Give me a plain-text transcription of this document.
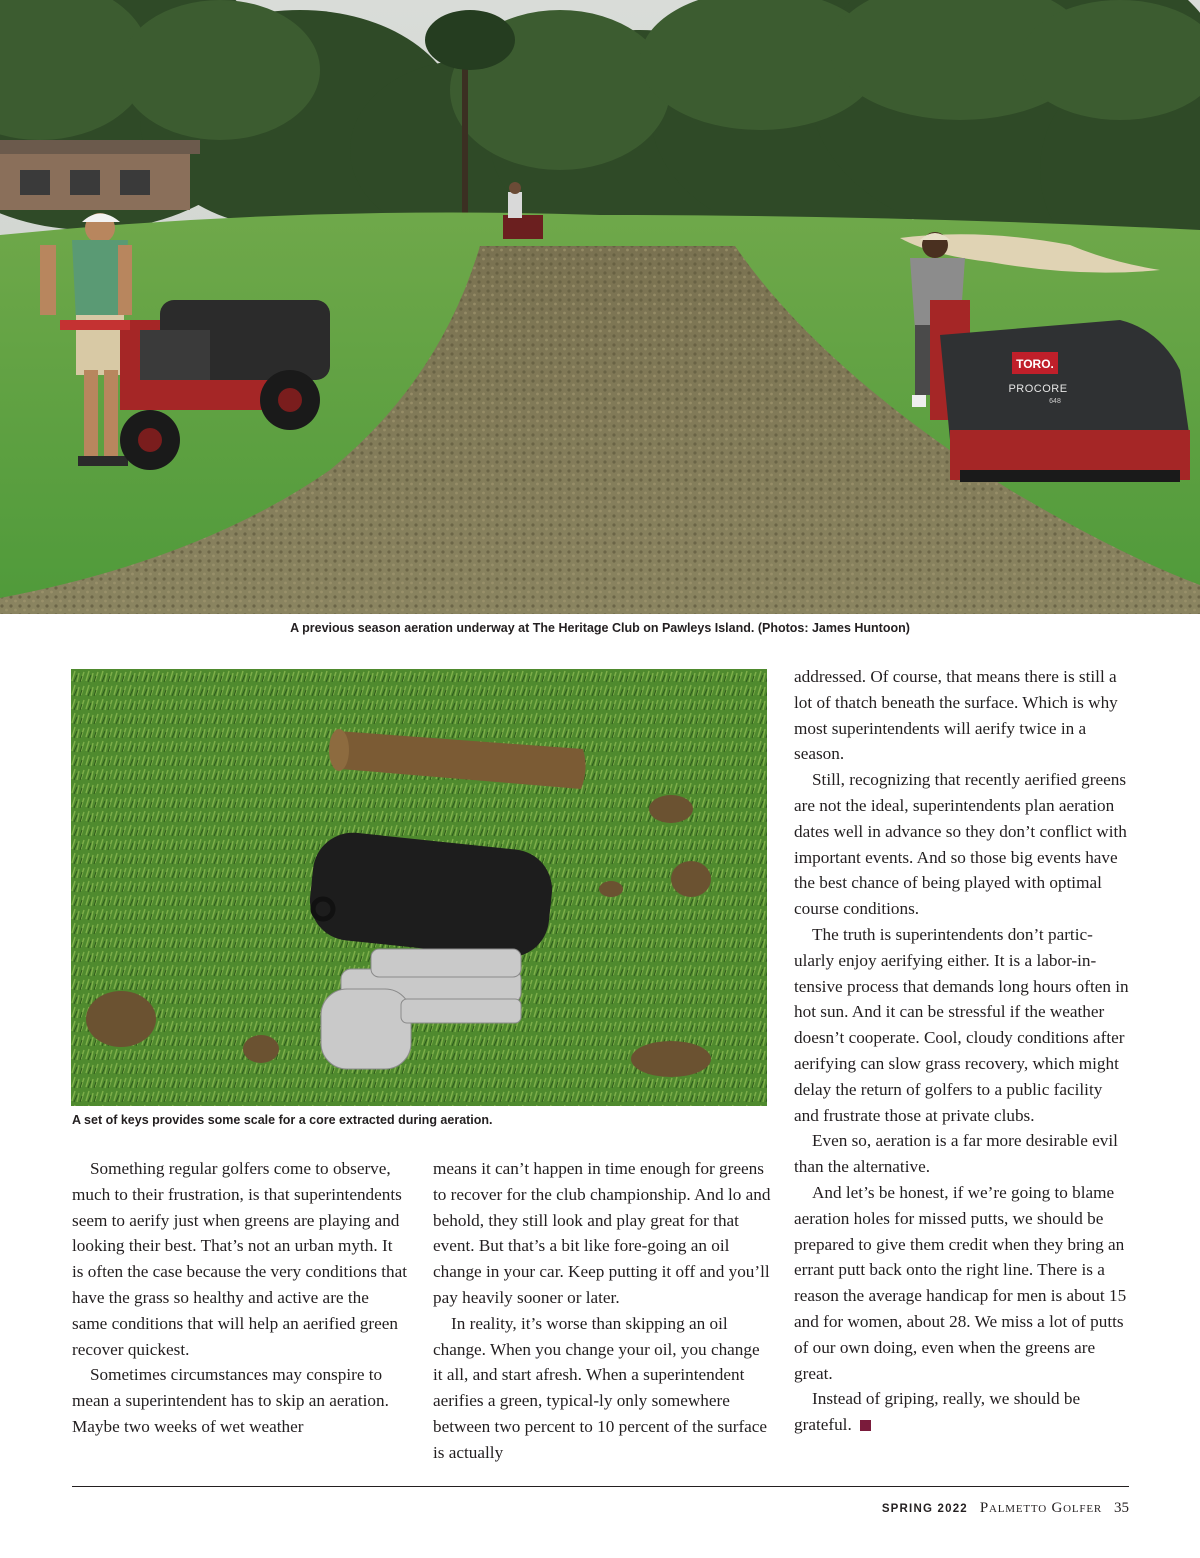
TORO.
PROCORE
648
A previous season aeration underway at The Heritage Club on Pawleys Island. (Photos: James Huntoon)
A set of keys provides some scale for a core extracted during aeration.

Something regular golfers come to observe, much to their frustration, is that superintendents seem to aerify just when greens are playing and looking their best. That’s not an urban myth. It is often the case because the very conditions that have the grass so healthy and active are the same conditions that will help an aerified green recover quickest.

Sometimes circumstances may conspire to mean a superintendent has to skip an aeration. Maybe two weeks of wet weather

means it can’t happen in time enough for greens to recover for the club championship. And lo and behold, they still look and play great for that event. But that’s a bit like fore-going an oil change in your car. Keep putting it off and you’ll pay heavily sooner or later.

In reality, it’s worse than skipping an oil change. When you change your oil, you change it all, and start afresh. When a superintendent aerifies a green, typical-ly only somewhere between two percent to 10 percent of the surface is actually

addressed. Of course, that means there is still a lot of thatch beneath the surface. Which is why most superintendents will aerify twice in a season.

Still, recognizing that recently aerified greens are not the ideal, superintendents plan aeration dates well in advance so they don’t conflict with important events. And so those big events have the best chance of being played with optimal course conditions.

The truth is superintendents don’t partic-ularly enjoy aerifying either. It is a labor-in-tensive process that demands long hours often in hot sun. And it can be stressful if the weather doesn’t cooperate. Cool, cloudy conditions after aerifying can slow grass recovery, which might delay the return of golfers to a public facility and frustrate those at private clubs.

Even so, aeration is a far more desirable evil than the alternative.

And let’s be honest, if we’re going to blame aeration holes for missed putts, we should be prepared to give them credit when they bring an errant putt back onto the right line. There is a reason the average handicap for men is about 15 and for women, about 28. We miss a lot of putts of our own doing, even when the greens are great.

Instead of griping, really, we should be grateful.

SPRING 2022 Palmetto Golfer 35
